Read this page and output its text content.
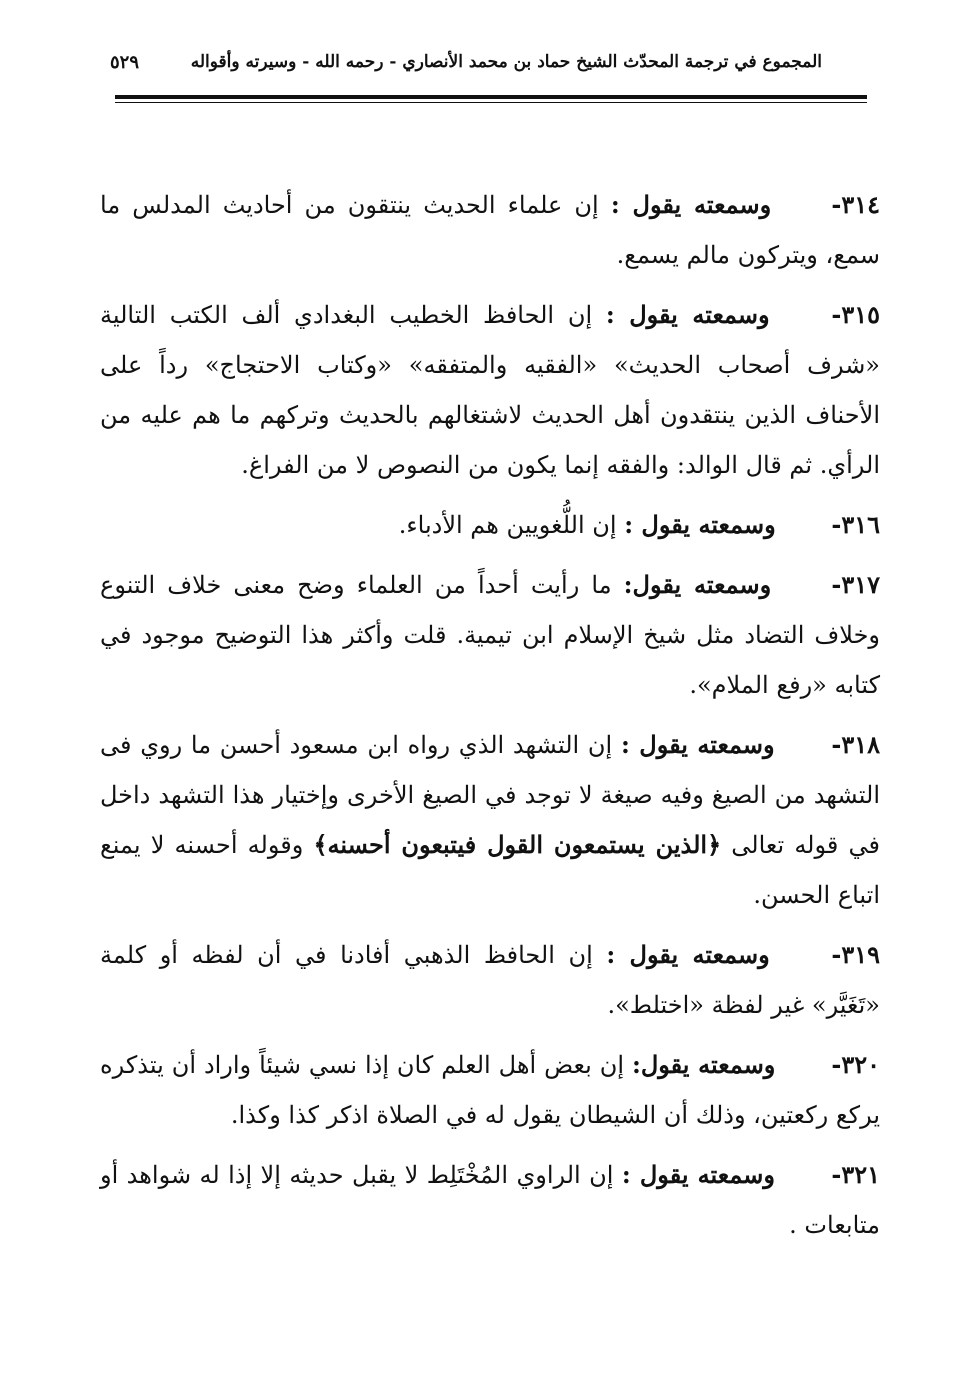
المجموع في ترجمة المحدّث الشيخ حماد بن محمد الأنصاري - رحمه الله - وسيرته وأقواله
٥٢٩

٣١٤- وسمعته يقول : إن علماء الحديث ينتقون من أحاديث المدلس ما سمع، ويتركون مالم يسمع.

٣١٥- وسمعته يقول : إن الحافظ الخطيب البغدادي ألف الكتب التالية «شرف أصحاب الحديث» «الفقيه والمتفقه» «وكتاب الاحتجاج» رداً على الأحناف الذين ينتقدون أهل الحديث لاشتغالهم بالحديث وتركهم ما هم عليه من الرأي. ثم قال الوالد: والفقه إنما يكون من النصوص لا من الفراغ.

٣١٦- وسمعته يقول : إن اللُّغويين هم الأدباء.

٣١٧- وسمعته يقول: ما رأيت أحداً من العلماء وضح معنى خلاف التنوع وخلاف التضاد مثل شيخ الإسلام ابن تيمية. قلت وأكثر هذا التوضيح موجود في كتابه «رفع الملام».

٣١٨- وسمعته يقول : إن التشهد الذي رواه ابن مسعود أحسن ما روي فى التشهد من الصيغ وفيه صيغة لا توجد في الصيغ الأخرى وإختيار هذا التشهد داخل في قوله تعالى ﴿الذين يستمعون القول فيتبعون أحسنه﴾ وقوله أحسنه لا يمنع اتباع الحسن.

٣١٩- وسمعته يقول : إن الحافظ الذهبي أفادنا في أن لفظه أو كلمة «تَغَيَّر» غير لفظة «اختلط».

٣٢٠- وسمعته يقول: إن بعض أهل العلم كان إذا نسي شيئاً واراد أن يتذكره يركع ركعتين، وذلك أن الشيطان يقول له في الصلاة اذكر كذا وكذا.

٣٢١- وسمعته يقول : إن الراوي المُخْتَلِط لا يقبل حديثه إلا إذا له شواهد أو متابعات .
